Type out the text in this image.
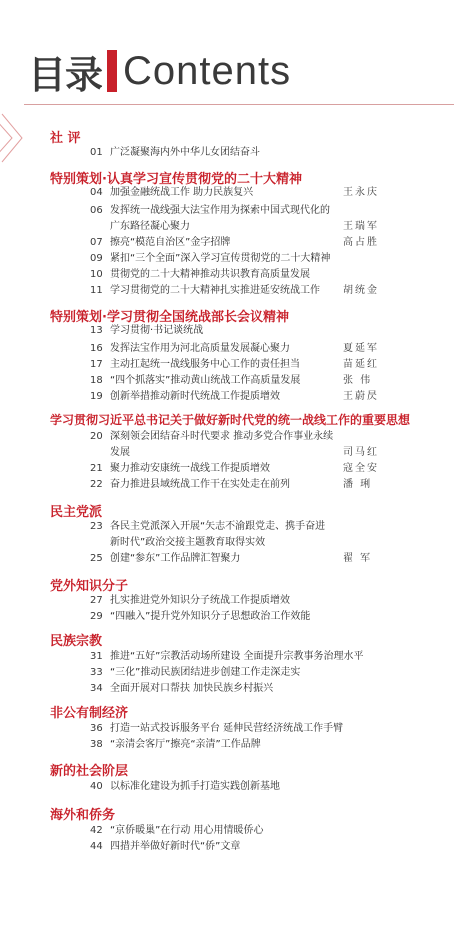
目录 Contents
社 评
01 广泛凝聚海内外中华儿女团结奋斗
特别策划·认真学习宣传贯彻党的二十大精神
04 加强金融统战工作 助力民族复兴	王永庆
06 发挥统一战线强大法宝作用为探索中国式现代化的
广东路径凝心聚力	王瑞军
07 擦亮“模范自治区”金字招牌	高占胜
09 紧扣“三个全面”深入学习宣传贯彻党的二十大精神
10 贯彻党的二十大精神推动共识教育高质量发展
11 学习贯彻党的二十大精神扎实推进延安统战工作 胡统金
特别策划·学习贯彻全国统战部长会议精神
13 学习贯彻·书记谈统战
16 发挥法宝作用为河北高质量发展凝心聚力	夏延军
17 主动扛起统一战线服务中心工作的责任担当	苗延红
18 “四个抓落实”推动黄山统战工作高质量发展	张 伟
19 创新举措推动新时代统战工作提质增效	王蔚昃
学习贯彻习近平总书记关于做好新时代党的统一战线工作的重要思想
20 深刻领会团结奋斗时代要求 推动多党合作事业永续
发展	司马红
21 聚力推动安康统一战线工作提质增效	寇全安
22 奋力推进县域统战工作干在实处走在前列	潘 琍
民主党派
23 各民主党派深入开展“矢志不渝跟党走、携手奋进
新时代”政治交接主题教育取得实效
25 创建“参东”工作品牌汇智聚力	翟 军
党外知识分子
27 扎实推进党外知识分子统战工作提质增效
29 “四融入”提升党外知识分子思想政治工作效能
民族宗教
31 推进“五好”宗教活动场所建设 全面提升宗教事务治理水平
33 “三化”推动民族团结进步创建工作走深走实
34 全面开展对口帮扶 加快民族乡村振兴
非公有制经济
36 打造一站式投诉服务平台 延伸民营经济统战工作手臂
38 “亲清会客厅”擦亮“亲清”工作品牌
新的社会阶层
40 以标准化建设为抓手打造实践创新基地
海外和侨务
42 “京侨暖巢”在行动 用心用情暖侨心
44 四措并举做好新时代“侨”文章
